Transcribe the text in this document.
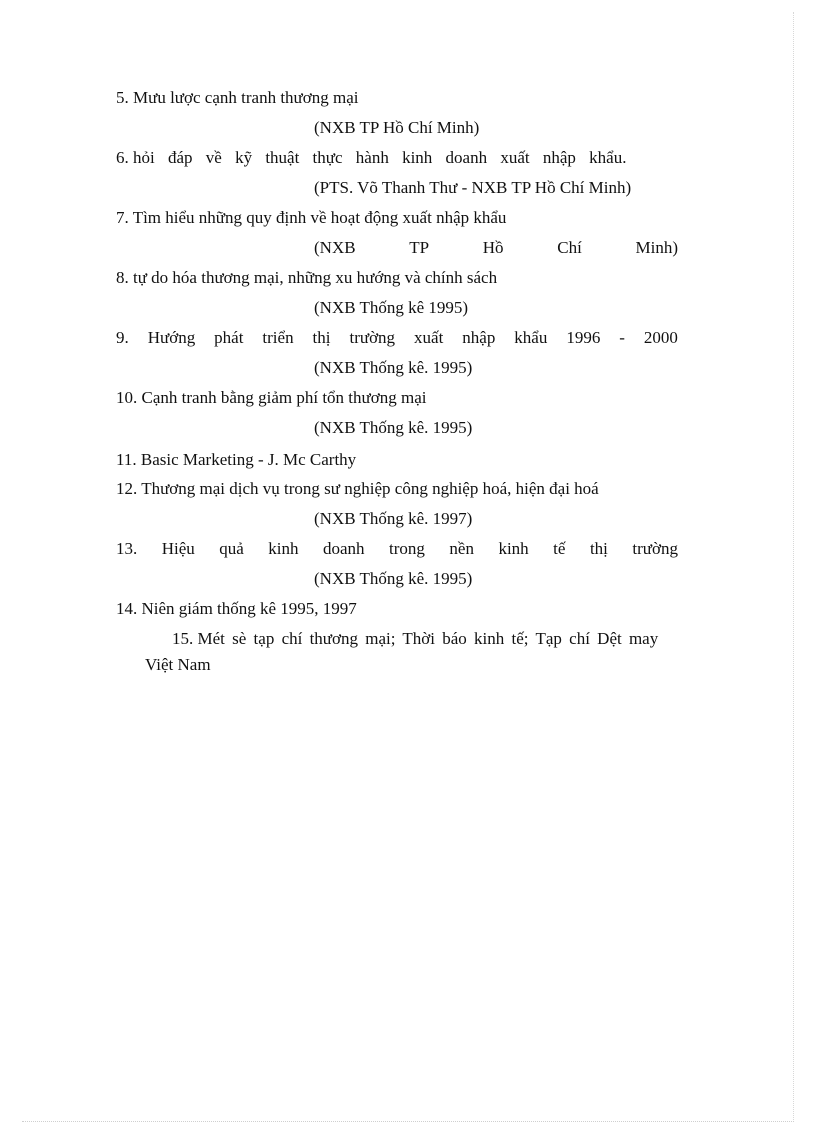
5. Mưu lược cạnh tranh thương mại
(NXB TP Hồ Chí Minh)
6. hỏi đáp về kỹ thuật thực hành kinh doanh xuất nhập khẩu.
(PTS. Võ Thanh Thư - NXB TP Hồ Chí Minh)
7. Tìm hiểu những quy định về hoạt động xuất nhập khẩu
(NXB	TP	Hồ	Chí	Minh)
8. tự do hóa thương mại, những xu hướng và chính sách
(NXB Thống kê 1995)
9. Hướng phát triển thị trường xuất nhập khẩu 1996 - 2000
(NXB Thống kê. 1995)
10. Cạnh tranh bằng giảm phí tổn thương mại
(NXB Thống kê. 1995)
11. Basic Marketing - J. Mc Carthy
12. Thương mại dịch vụ trong sư nghiệp công nghiệp hoá, hiện đại hoá
(NXB Thống kê. 1997)
13. Hiệu quả kinh doanh trong nền kinh tế thị trường
(NXB Thống kê. 1995)
14. Niên giám thống kê 1995, 1997
15. Mét sè tạp chí thương mại; Thời báo kinh tế; Tạp chí Dệt may
Việt Nam
